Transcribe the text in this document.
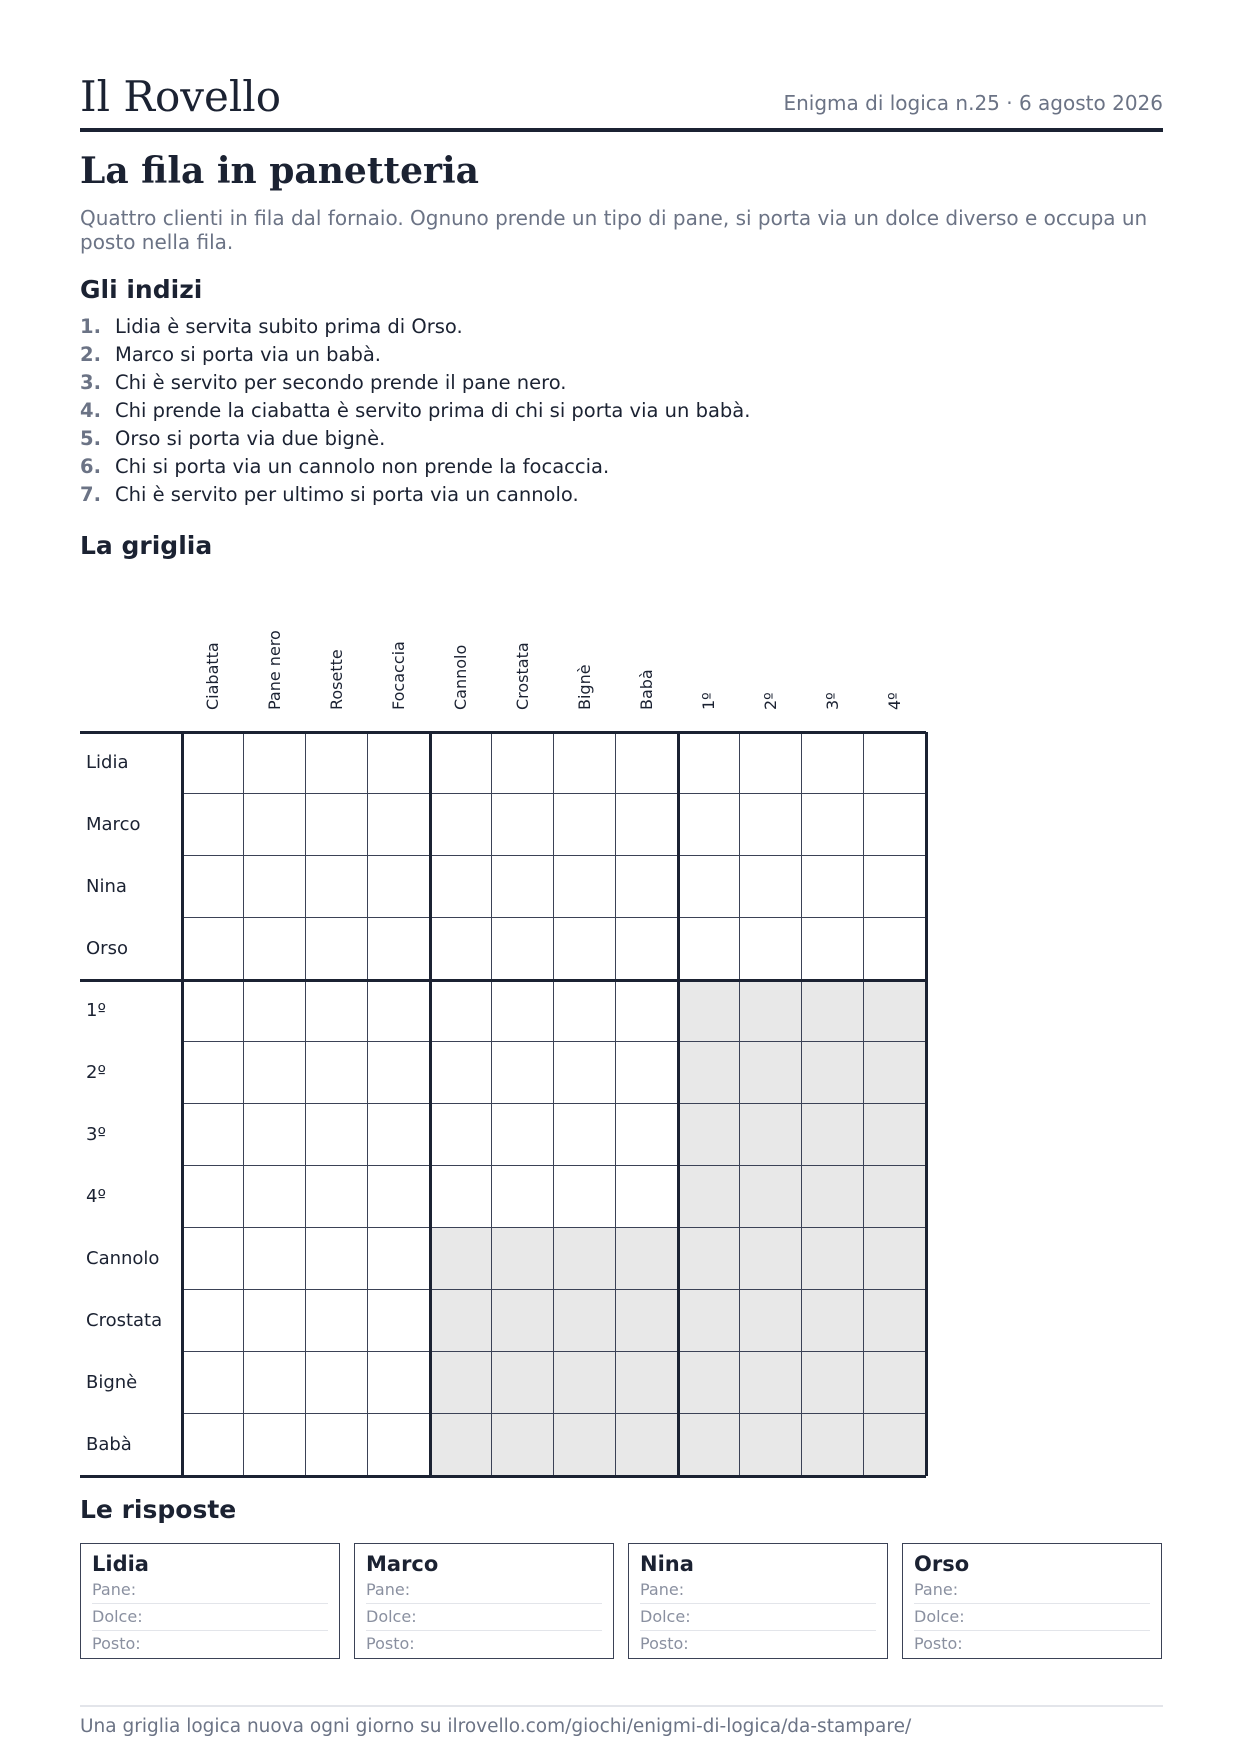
Il Rovello	Enigma di logica n.25 · 6 agosto 2026
La fila in panetteria

Quattro clienti in fila dal fornaio. Ognuno prende un tipo di pane, si porta via un dolce diverso e occupa un posto nella fila.

Gli indizi
1. Lidia è servita subito prima di Orso.
2. Marco si porta via un babà.
3. Chi è servito per secondo prende il pane nero.
4. Chi prende la ciabatta è servito prima di chi si porta via un babà.
5. Orso si porta via due bignè.
6. Chi si porta via un cannolo non prende la focaccia.
7. Chi è servito per ultimo si porta via un cannolo.
La griglia
Ciabatta	Pane nero	Rosette	Focaccia	Cannolo	Crostata	Bignè	Babà	1º	2º	3º	4º
Lidia
Marco
Nina
Orso
1º
2º
3º
4º
Cannolo
Crostata
Bignè
Babà
Le risposte
Lidia
Pane:
Dolce:
Posto:
Marco
Pane:
Dolce:
Posto:
Nina
Pane:
Dolce:
Posto:
Orso
Pane:
Dolce:
Posto:
Una griglia logica nuova ogni giorno su ilrovello.com/giochi/enigmi-di-logica/da-stampare/
